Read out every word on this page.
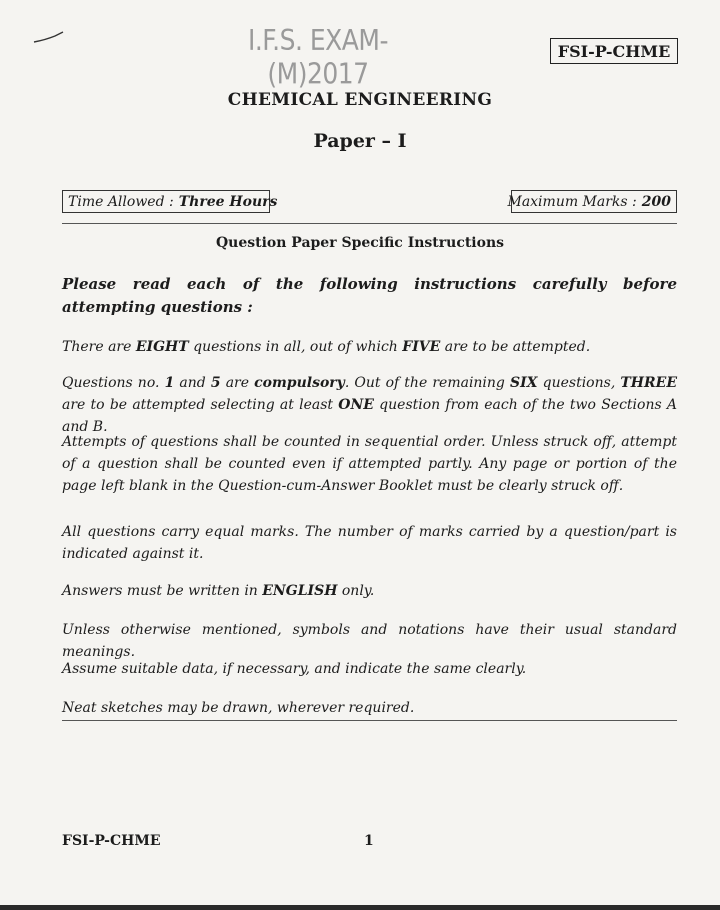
I.F.S. EXAM-(M)2017
FSI-P-CHME
CHEMICAL ENGINEERING
Paper – I
Time Allowed : Three Hours	Maximum Marks : 200
Question Paper Specific Instructions
Please read each of the following instructions carefully before attempting questions :
There are EIGHT questions in all, out of which FIVE are to be attempted.
Questions no. 1 and 5 are compulsory. Out of the remaining SIX questions, THREE are to be attempted selecting at least ONE question from each of the two Sections A and B.
Attempts of questions shall be counted in sequential order. Unless struck off, attempt of a question shall be counted even if attempted partly. Any page or portion of the page left blank in the Question-cum-Answer Booklet must be clearly struck off.
All questions carry equal marks. The number of marks carried by a question/part is indicated against it.
Answers must be written in ENGLISH only.
Unless otherwise mentioned, symbols and notations have their usual standard meanings.
Assume suitable data, if necessary, and indicate the same clearly.
Neat sketches may be drawn, wherever required.
FSI-P-CHME	1
